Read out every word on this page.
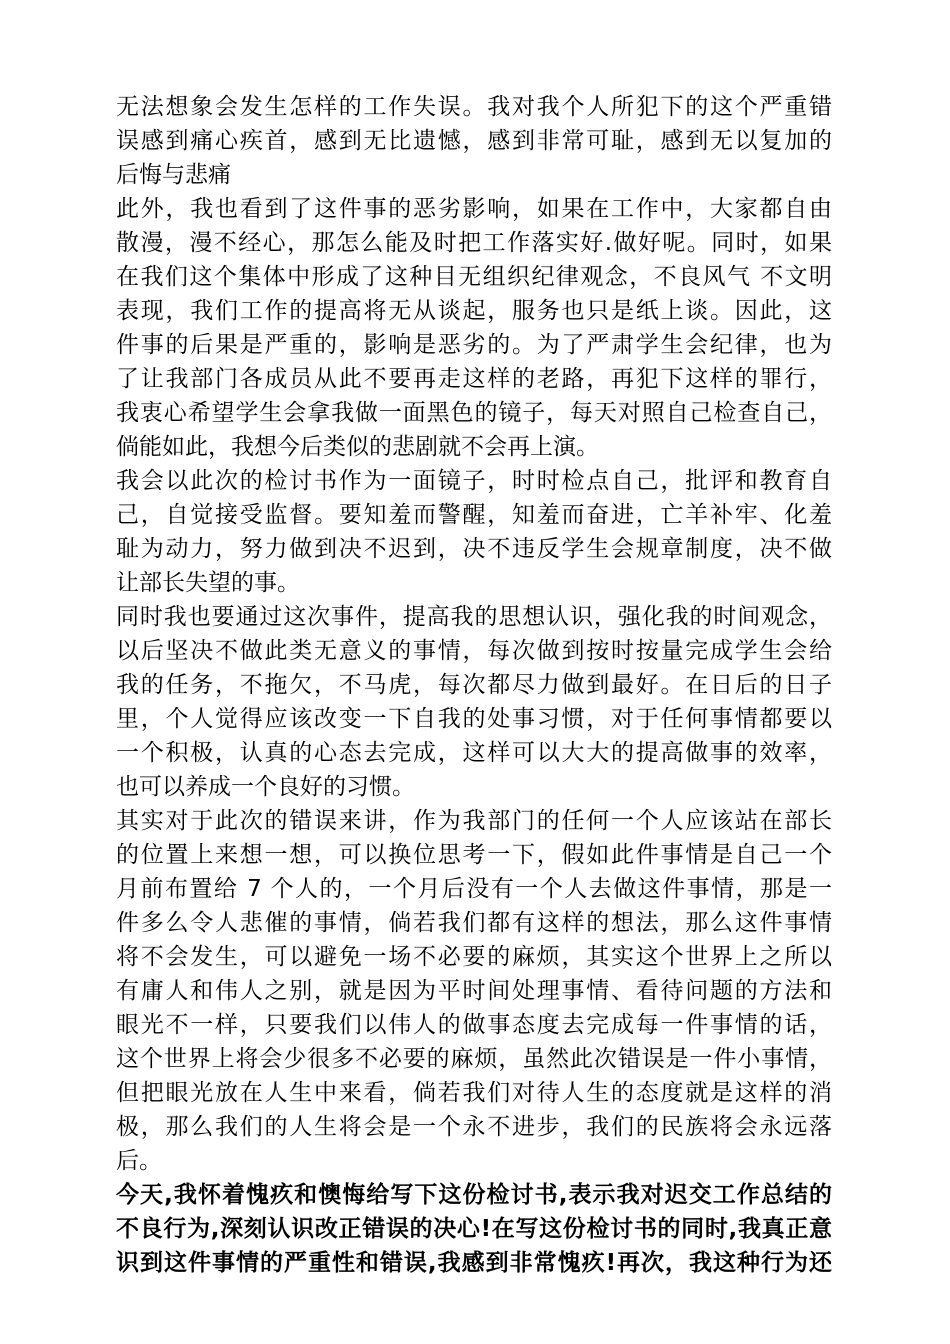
无法想象会发生怎样的工作失误。我对我个人所犯下的这个严重错
误感到痛心疾首，感到无比遗憾，感到非常可耻，感到无以复加的
后悔与悲痛
此外，我也看到了这件事的恶劣影响，如果在工作中，大家都自由
散漫，漫不经心，那怎么能及时把工作落实好.做好呢。同时，如果
在我们这个集体中形成了这种目无组织纪律观念，不良风气 不文明
表现，我们工作的提高将无从谈起，服务也只是纸上谈。因此，这
件事的后果是严重的，影响是恶劣的。为了严肃学生会纪律，也为
了让我部门各成员从此不要再走这样的老路，再犯下这样的罪行，
我衷心希望学生会拿我做一面黑色的镜子，每天对照自己检查自己，
倘能如此，我想今后类似的悲剧就不会再上演。
我会以此次的检讨书作为一面镜子，时时检点自己，批评和教育自
己，自觉接受监督。要知羞而警醒，知羞而奋进，亡羊补牢、化羞
耻为动力，努力做到决不迟到，决不违反学生会规章制度，决不做
让部长失望的事。
同时我也要通过这次事件，提高我的思想认识，强化我的时间观念，
以后坚决不做此类无意义的事情，每次做到按时按量完成学生会给
我的任务，不拖欠，不马虎，每次都尽力做到最好。在日后的日子
里，个人觉得应该改变一下自我的处事习惯，对于任何事情都要以
一个积极，认真的心态去完成，这样可以大大的提高做事的效率，
也可以养成一个良好的习惯。
其实对于此次的错误来讲，作为我部门的任何一个人应该站在部长
的位置上来想一想，可以换位思考一下，假如此件事情是自己一个
月前布置给 7 个人的，一个月后没有一个人去做这件事情，那是一
件多么令人悲催的事情，倘若我们都有这样的想法，那么这件事情
将不会发生，可以避免一场不必要的麻烦，其实这个世界上之所以
有庸人和伟人之别，就是因为平时间处理事情、看待问题的方法和
眼光不一样，只要我们以伟人的做事态度去完成每一件事情的话，
这个世界上将会少很多不必要的麻烦，虽然此次错误是一件小事情，
但把眼光放在人生中来看，倘若我们对待人生的态度就是这样的消
极，那么我们的人生将会是一个永不进步，我们的民族将会永远落
后。
今天,我怀着愧疚和懊悔给写下这份检讨书,表示我对迟交工作总结的
不良行为,深刻认识改正错误的决心!在写这份检讨书的同时,我真正意
识到这件事情的严重性和错误,我感到非常愧疚!再次，我这种行为还
